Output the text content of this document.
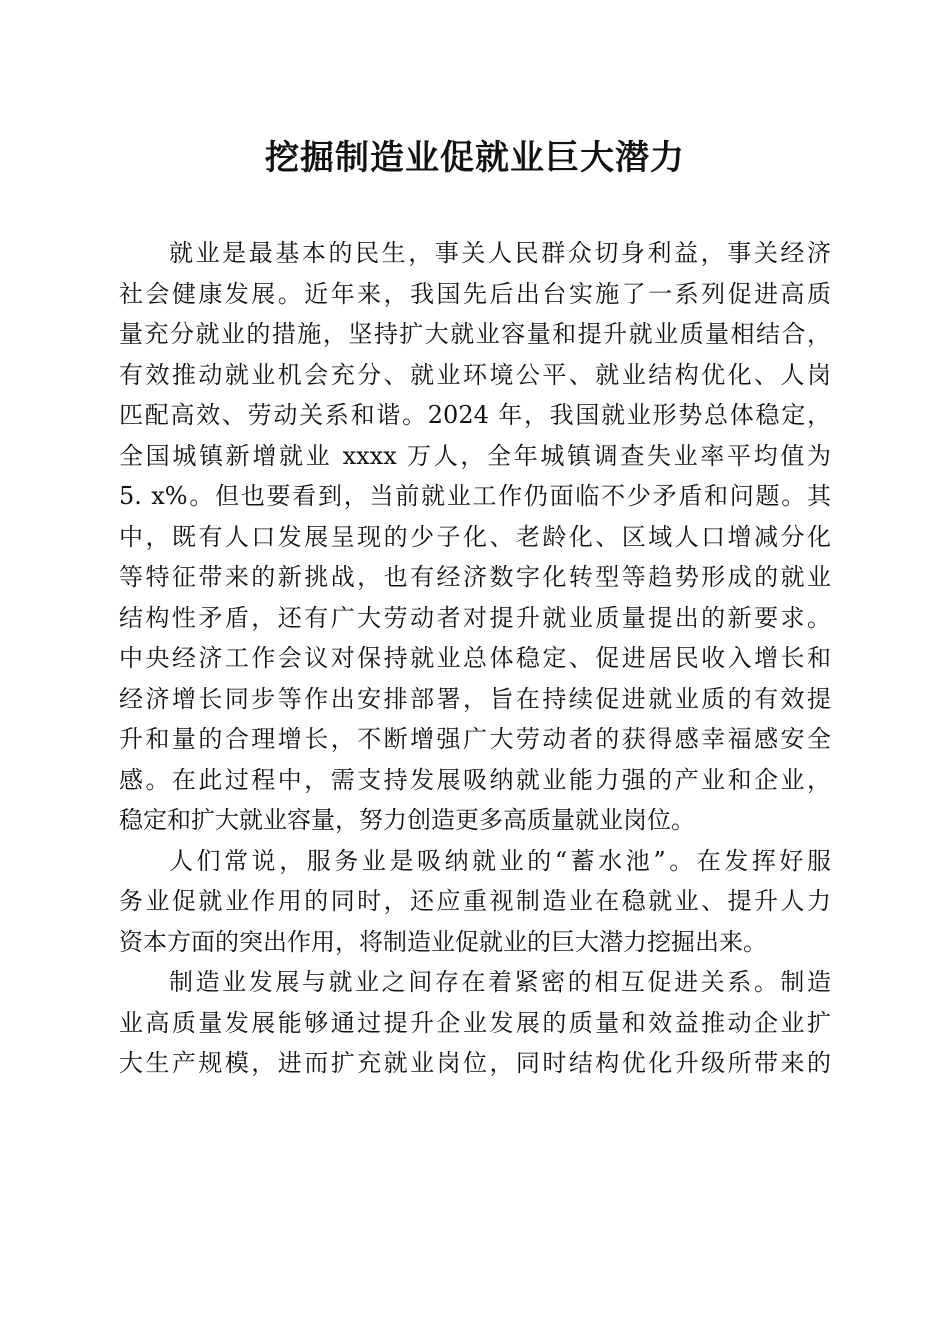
挖掘制造业促就业巨大潜力
就业是最基本的民生，事关人民群众切身利益，事关经济
社会健康发展。近年来，我国先后出台实施了一系列促进高质
量充分就业的措施，坚持扩大就业容量和提升就业质量相结合，
有效推动就业机会充分、就业环境公平、就业结构优化、人岗
匹配高效、劳动关系和谐。2024 年，我国就业形势总体稳定，
全国城镇新增就业 xxxx 万人，全年城镇调查失业率平均值为
5. x%。但也要看到，当前就业工作仍面临不少矛盾和问题。其
中，既有人口发展呈现的少子化、老龄化、区域人口增减分化
等特征带来的新挑战，也有经济数字化转型等趋势形成的就业
结构性矛盾，还有广大劳动者对提升就业质量提出的新要求。
中央经济工作会议对保持就业总体稳定、促进居民收入增长和
经济增长同步等作出安排部署，旨在持续促进就业质的有效提
升和量的合理增长，不断增强广大劳动者的获得感幸福感安全
感。在此过程中，需支持发展吸纳就业能力强的产业和企业，
稳定和扩大就业容量，努力创造更多高质量就业岗位。
人们常说，服务业是吸纳就业的“蓄水池”。在发挥好服
务业促就业作用的同时，还应重视制造业在稳就业、提升人力
资本方面的突出作用，将制造业促就业的巨大潜力挖掘出来。
制造业发展与就业之间存在着紧密的相互促进关系。制造
业高质量发展能够通过提升企业发展的质量和效益推动企业扩
大生产规模，进而扩充就业岗位，同时结构优化升级所带来的
